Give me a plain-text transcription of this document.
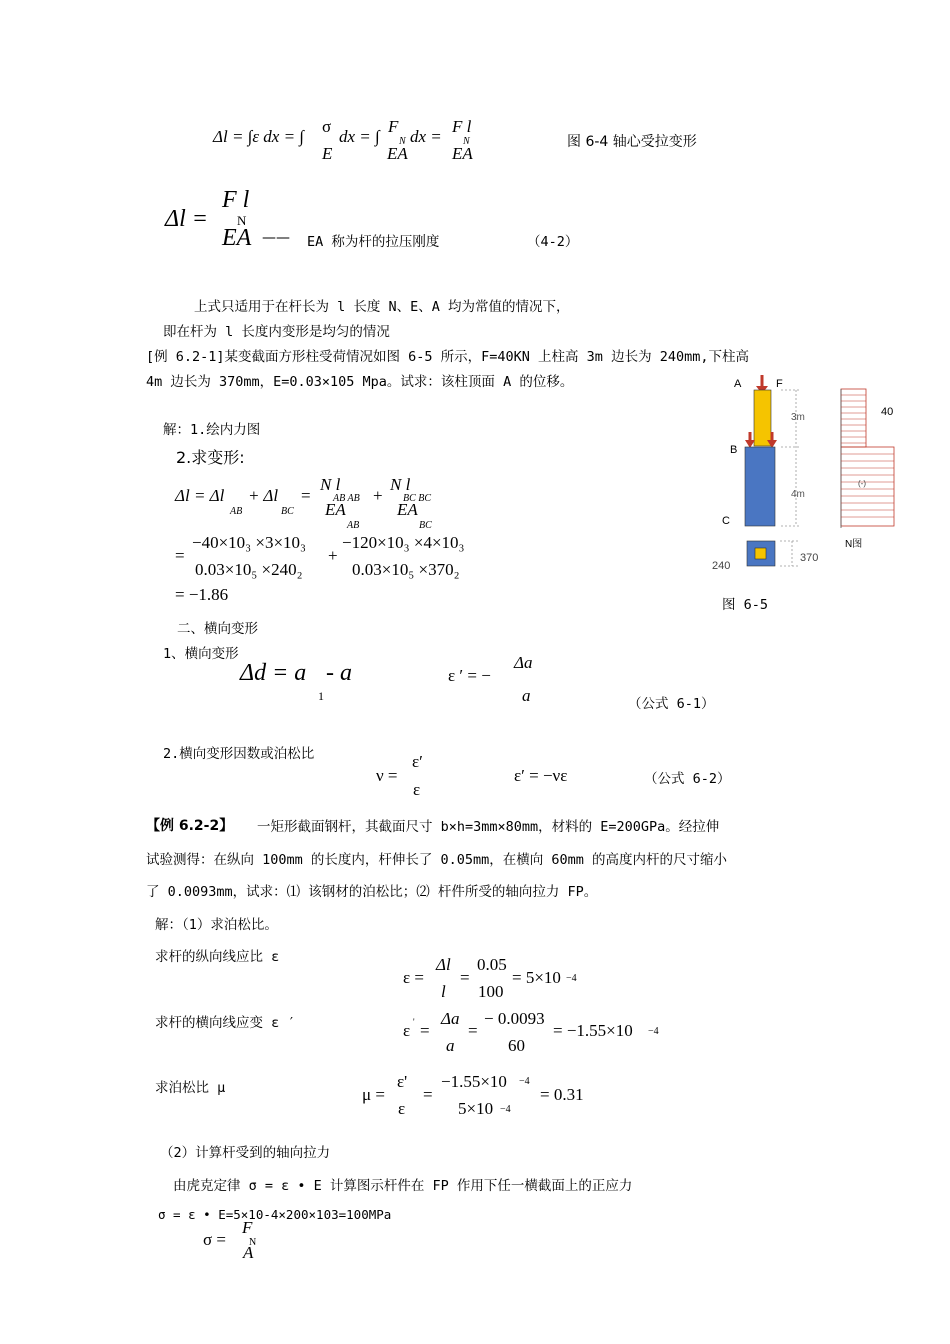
Δl = ∫ε dx = ∫
σ
E
dx = ∫
F
N dx =
EA
F l
N
EA
图 6-4 轴心受拉变形
Δl =
F l
N
EA —— EA 称为杆的拉压刚度	（4-2）
上式只适用于在杆长为 l 长度 N、E、A 均为常值的情况下，
即在杆为 l 长度内变形是均匀的情况
[例 6.2-1]某变截面方形柱受荷情况如图 6-5 所示，F=40KN 上柱高 3m 边长为 240mm,下柱高
4m 边长为 370mm，E=0.03×105 Mpa。试求：该柱顶面 A 的位移。
解：1.绘内力图
2.求变形:
Δl = Δl
AB
+ Δl
BC
=
N l
AB AB
EA
AB
+
N l
BC BC
EA
BC
=
−40×10₃ ×3×10₃
0.03×10₅ ×240₂
+
−120×10₃ ×4×10₃
0.03×10₅ ×370₂
= −1.86
A	F
B
C
3m
4m
370
240
40
(-)
N图
图 6-5
二、横向变形
1、横向变形
Δd = a
1
- a	ε ′ = −
Δa
a	（公式 6-1）
2.横向变形因数或泊松比
ν =
ε′
ε
ε′ = −νε	（公式 6-2）
【例 6.2-2】 一矩形截面钢杆，其截面尺寸 b×h=3mm×80mm，材料的 E=200GPa。经拉伸
试验测得：在纵向 100mm 的长度内，杆伸长了 0.05mm，在横向 60mm 的高度内杆的尺寸缩小
了 0.0093mm，试求：⑴ 该钢材的泊松比；⑵ 杆件所受的轴向拉力 FP。
解：（1）求泊松比。
求杆的纵向线应比 ε
ε =
Δl
l
=
0.05
100
= 5×10 −4
求杆的横向线应变 ε ′	ε ' =
Δa
a
=
− 0.0093
60
= −1.55×10 −4
求泊松比 μ	μ =
ε'
ε
=
−1.55×10 −4
5×10 −4
= 0.31
（2）计算杆受到的轴向拉力
由虎克定律 σ = ε • E 计算图示杆件在 FP 作用下任一横截面上的正应力
σ = ε • E=5×10-4×200×103=100MPa
σ =
F
N
A
